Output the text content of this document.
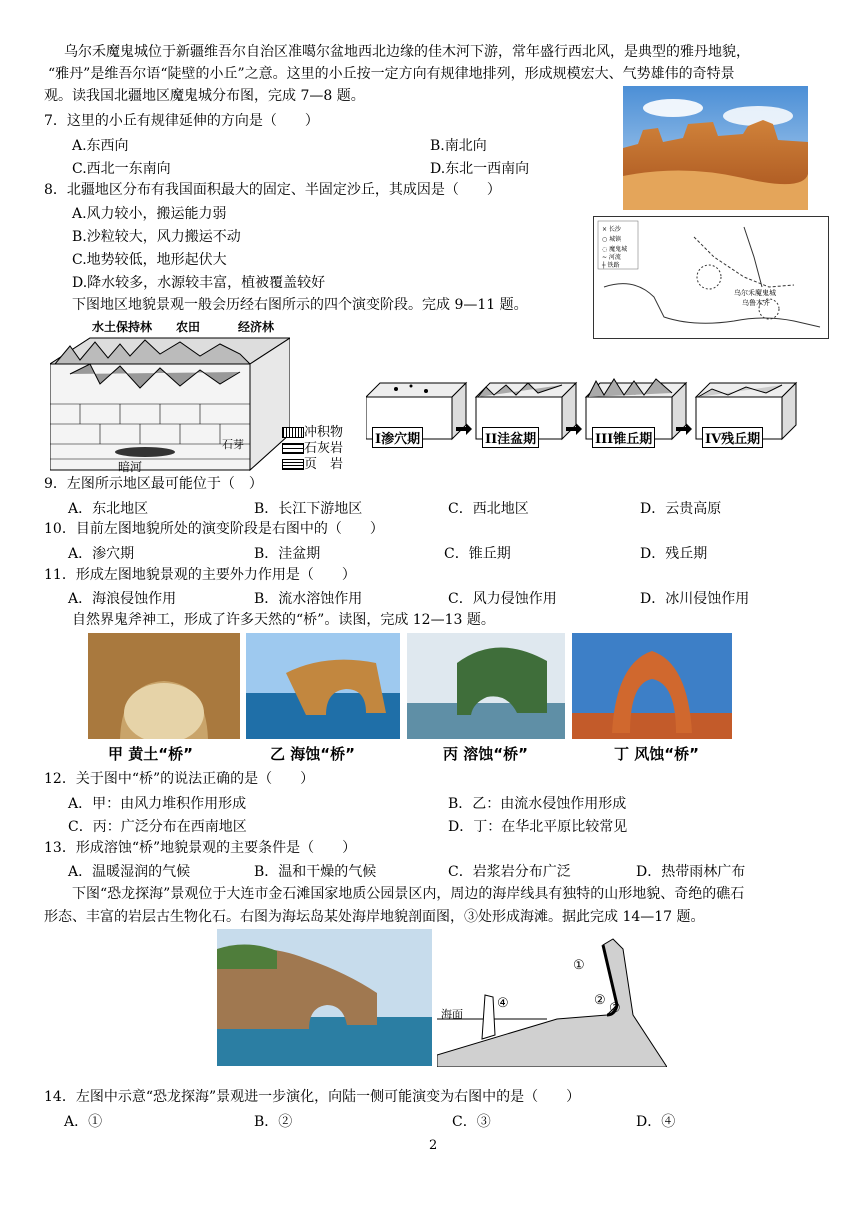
乌尔禾魔鬼城位于新疆维吾尔自治区准噶尔盆地西北边缘的佳木河下游，常年盛行西北风，是典型的雅丹地貌，
“雅丹”是维吾尔语“陡壁的小丘”之意。这里的小丘按一定方向有规律地排列，形成规模宏大、气势雄伟的奇特景
观。读我国北疆地区魔鬼城分布图，完成 7—8 题。
7．这里的小丘有规律延伸的方向是（　　）
A.东西向	B.南北向
C.西北一东南向	D.东北一西南向
8．北疆地区分布有我国面积最大的固定、半固定沙丘，其成因是（　　）
A.风力较小，搬运能力弱
B.沙粒较大，风力搬运不动
C.地势较低，地形起伏大
D.降水较多，水源较丰富，植被覆盖较好
× 长沙
○ 城镇
◌ 魔鬼城
~ 河流
┼ 铁路
乌尔禾魔鬼城
乌鲁木齐
下图地区地貌景观一般会历经右图所示的四个演变阶段。完成 9—11 题。
水土保持林 农田	经济林
暗河
石芽
冲积物
石灰岩
页　岩
I渗穴期	II洼盆期	III锥丘期	IV残丘期
9．左图所示地区最可能位于（　）
A．东北地区	B．长江下游地区	C．西北地区	D．云贵高原
10．目前左图地貌所处的演变阶段是右图中的（　　）
A．渗穴期	B．洼盆期	C．锥丘期	D．残丘期
11．形成左图地貌景观的主要外力作用是（　　）
A．海浪侵蚀作用	B．流水溶蚀作用	C．风力侵蚀作用	D．冰川侵蚀作用
自然界鬼斧神工，形成了许多天然的“桥”。读图，完成 12—13 题。
甲 黄土“桥”	乙 海蚀“桥”	丙 溶蚀“桥”	丁 风蚀“桥”
12．关于图中“桥”的说法正确的是（　　）
A．甲：由风力堆积作用形成	B．乙：由流水侵蚀作用形成
C．丙：广泛分布在西南地区	D．丁：在华北平原比较常见
13．形成溶蚀“桥”地貌景观的主要条件是（　　）
A．温暖湿润的气候	B．温和干燥的气候	C．岩浆岩分布广泛	D．热带雨林广布
下图“恐龙探海”景观位于大连市金石滩国家地质公园景区内，周边的海岸线具有独特的山形地貌、奇绝的礁石
形态、丰富的岩层古生物化石。右图为海坛岛某处海岸地貌剖面图，③处形成海滩。据此完成 14—17 题。
海面
①
②
③
④
14．左图中示意“恐龙探海”景观进一步演化，向陆一侧可能演变为右图中的是（　　）
A．①	B．②	C．③	D．④
2
